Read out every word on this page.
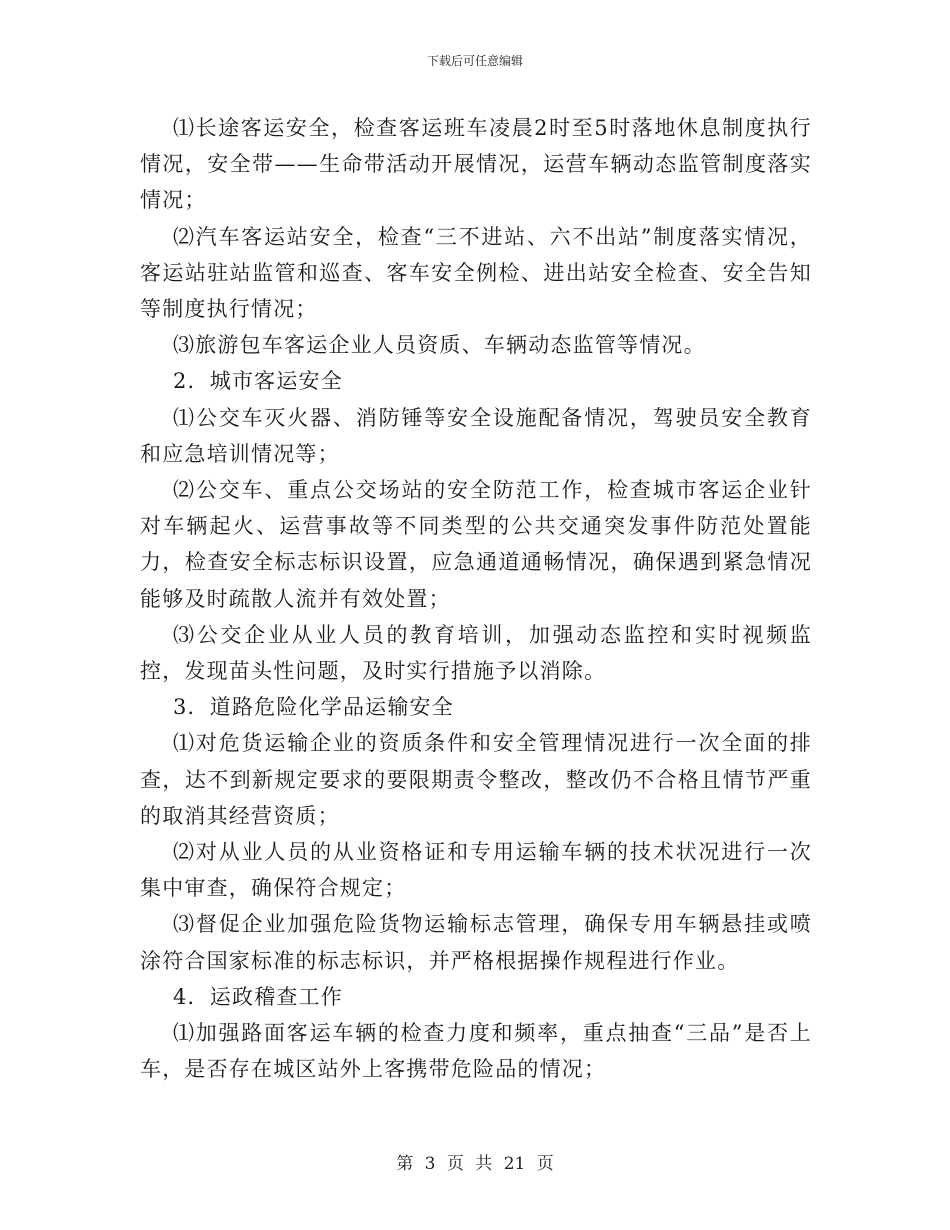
下载后可任意编辑

⑴长途客运安全，检查客运班车凌晨2时至5时落地休息制度执行情况，安全带——生命带活动开展情况，运营车辆动态监管制度落实情况；

⑵汽车客运站安全，检查“三不进站、六不出站”制度落实情况，客运站驻站监管和巡查、客车安全例检、进出站安全检查、安全告知等制度执行情况；

⑶旅游包车客运企业人员资质、车辆动态监管等情况。

2．城市客运安全

⑴公交车灭火器、消防锤等安全设施配备情况，驾驶员安全教育和应急培训情况等；

⑵公交车、重点公交场站的安全防范工作，检查城市客运企业针对车辆起火、运营事故等不同类型的公共交通突发事件防范处置能力，检查安全标志标识设置，应急通道通畅情况，确保遇到紧急情况能够及时疏散人流并有效处置；

⑶公交企业从业人员的教育培训，加强动态监控和实时视频监控，发现苗头性问题，及时实行措施予以消除。

3．道路危险化学品运输安全

⑴对危货运输企业的资质条件和安全管理情况进行一次全面的排查，达不到新规定要求的要限期责令整改，整改仍不合格且情节严重的取消其经营资质；

⑵对从业人员的从业资格证和专用运输车辆的技术状况进行一次集中审查，确保符合规定；

⑶督促企业加强危险货物运输标志管理，确保专用车辆悬挂或喷涂符合国家标准的标志标识，并严格根据操作规程进行作业。

4．运政稽查工作

⑴加强路面客运车辆的检查力度和频率，重点抽查“三品”是否上车，是否存在城区站外上客携带危险品的情况；

第 3 页 共 21 页
